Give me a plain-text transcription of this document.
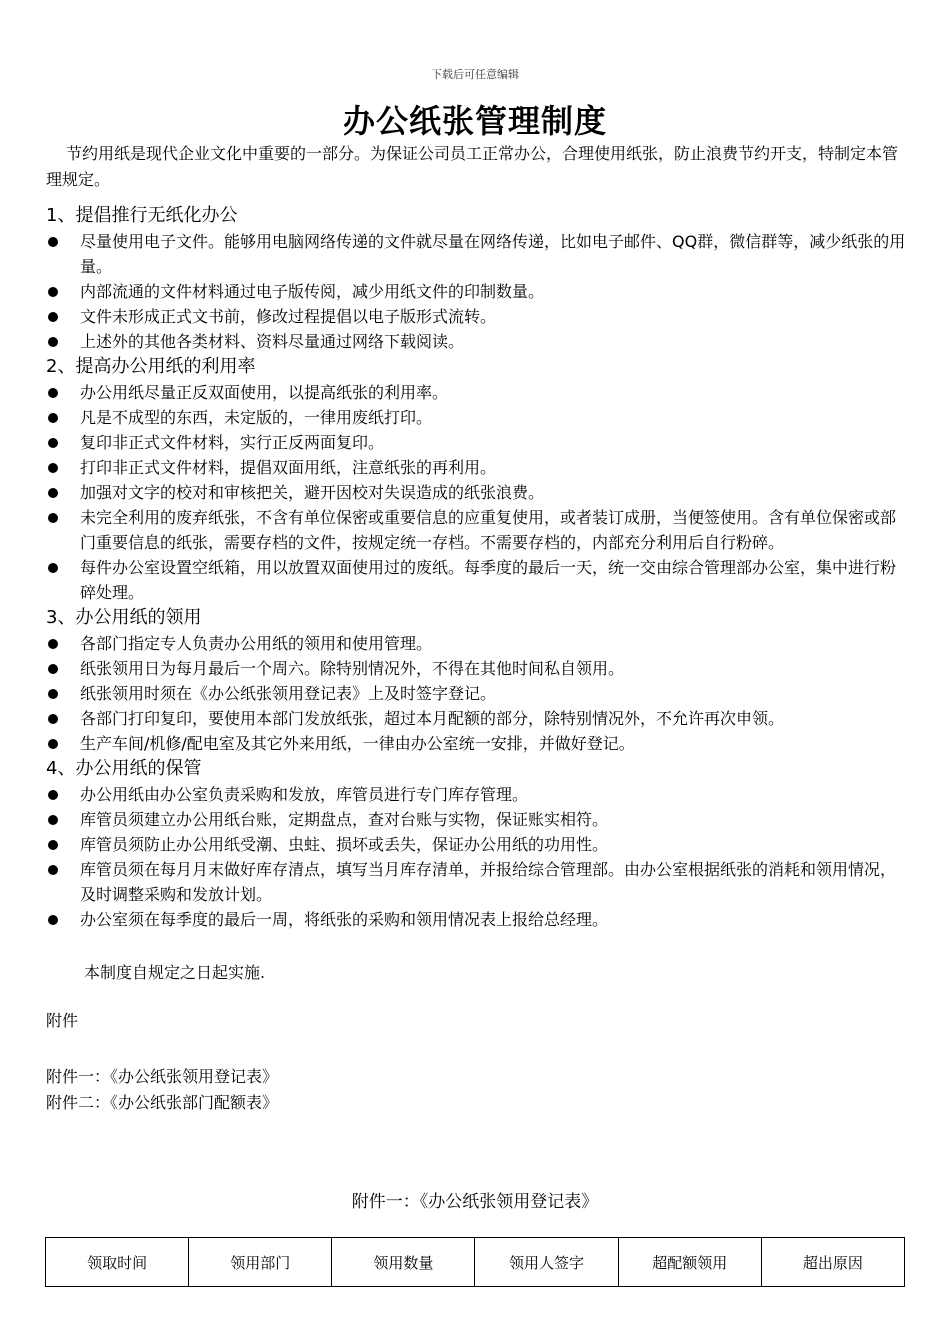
下载后可任意编辑
办公纸张管理制度

节约用纸是现代企业文化中重要的一部分。为保证公司员工正常办公，合理使用纸张，防止浪费节约开支，特制定本管理规定。

1、提倡推行无纸化办公

尽量使用电子文件。能够用电脑网络传递的文件就尽量在网络传递，比如电子邮件、QQ群，微信群等，减少纸张的用量。
内部流通的文件材料通过电子版传阅，减少用纸文件的印制数量。
文件未形成正式文书前，修改过程提倡以电子版形式流转。
上述外的其他各类材料、资料尽量通过网络下载阅读。

2、提高办公用纸的利用率

办公用纸尽量正反双面使用，以提高纸张的利用率。
凡是不成型的东西，未定版的，一律用废纸打印。
复印非正式文件材料，实行正反两面复印。
打印非正式文件材料，提倡双面用纸，注意纸张的再利用。
加强对文字的校对和审核把关，避开因校对失误造成的纸张浪费。
未完全利用的废弃纸张，不含有单位保密或重要信息的应重复使用，或者装订成册，当便签使用。含有单位保密或部门重要信息的纸张，需要存档的文件，按规定统一存档。不需要存档的，内部充分利用后自行粉碎。
每件办公室设置空纸箱，用以放置双面使用过的废纸。每季度的最后一天，统一交由综合管理部办公室，集中进行粉碎处理。

3、办公用纸的领用

各部门指定专人负责办公用纸的领用和使用管理。
纸张领用日为每月最后一个周六。除特别情况外，不得在其他时间私自领用。
纸张领用时须在《办公纸张领用登记表》上及时签字登记。
各部门打印复印，要使用本部门发放纸张，超过本月配额的部分，除特别情况外，不允许再次申领。
生产车间/机修/配电室及其它外来用纸，一律由办公室统一安排，并做好登记。

4、办公用纸的保管

办公用纸由办公室负责采购和发放，库管员进行专门库存管理。
库管员须建立办公用纸台账，定期盘点，查对台账与实物，保证账实相符。
库管员须防止办公用纸受潮、虫蛀、损坏或丢失，保证办公用纸的功用性。
库管员须在每月月末做好库存清点，填写当月库存清单，并报给综合管理部。由办公室根据纸张的消耗和领用情况，及时调整采购和发放计划。
办公室须在每季度的最后一周，将纸张的采购和领用情况表上报给总经理。

本制度自规定之日起实施.

附件

附件一：《办公纸张领用登记表》

附件二：《办公纸张部门配额表》

附件一：《办公纸张领用登记表》
领取时间	领用部门	领用数量	领用人签字	超配额领用	超出原因
